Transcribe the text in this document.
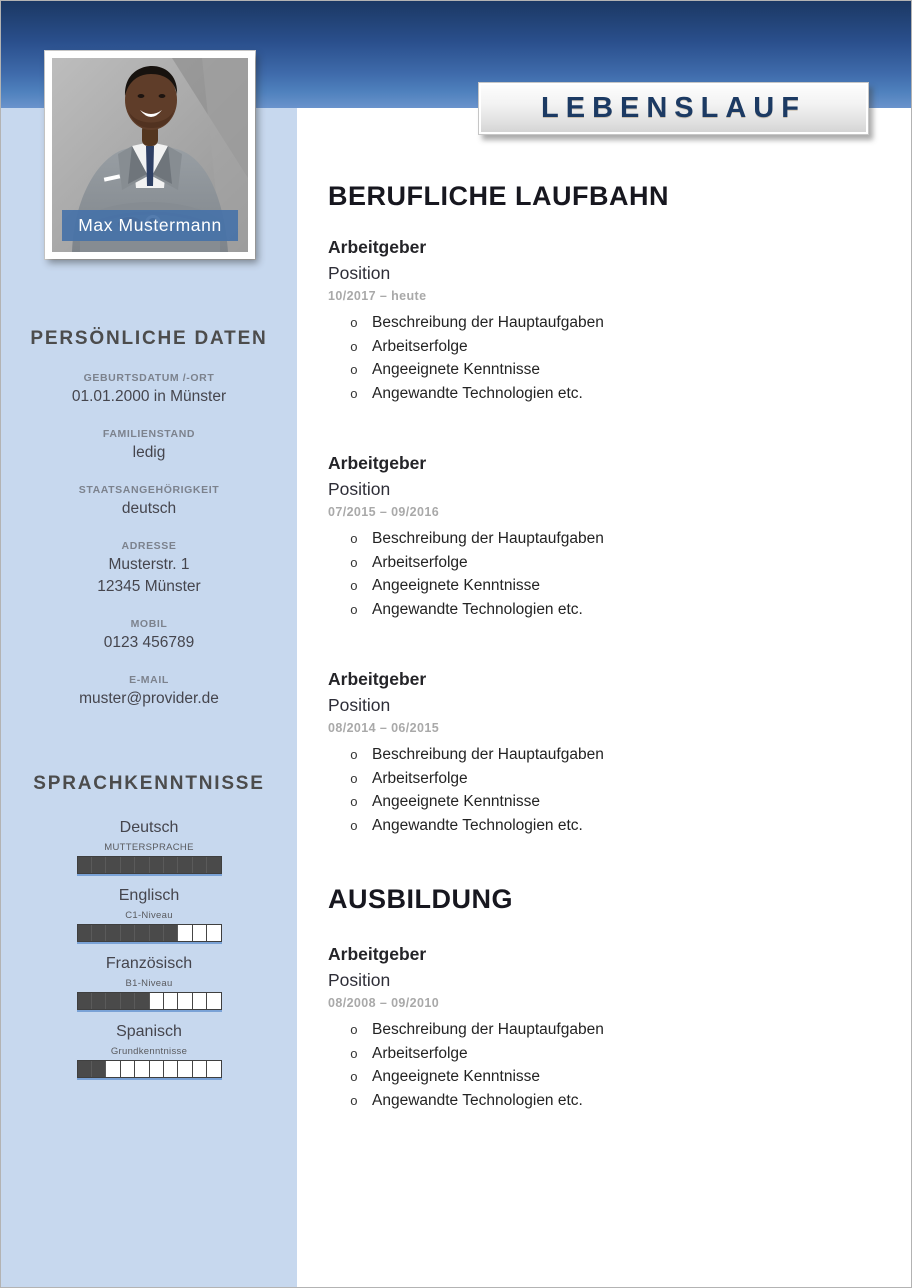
PERSÖNLICHE DATEN
GEBURTSDATUM /-ORT
01.01.2000 in Münster
FAMILIENSTAND
ledig
STAATSANGEHÖRIGKEIT
deutsch
ADRESSE
Musterstr. 1
12345 Münster
MOBIL
0123 456789
E-MAIL
muster@provider.de
SPRACHKENNTNISSE
Deutsch
MUTTERSPRACHE
Englisch
C1-Niveau
Französisch
B1-Niveau
Spanisch
Grundkenntnisse
Max Mustermann
LEBENSLAUF
BERUFLICHE LAUFBAHN
Arbeitgeber
Position
10/2017 – heute
o Beschreibung der Hauptaufgaben
o Arbeitserfolge
o Angeeignete Kenntnisse
o Angewandte Technologien etc.
Arbeitgeber
Position
07/2015 – 09/2016
o Beschreibung der Hauptaufgaben
o Arbeitserfolge
o Angeeignete Kenntnisse
o Angewandte Technologien etc.
Arbeitgeber
Position
08/2014 – 06/2015
o Beschreibung der Hauptaufgaben
o Arbeitserfolge
o Angeeignete Kenntnisse
o Angewandte Technologien etc.
AUSBILDUNG
Arbeitgeber
Position
08/2008 – 09/2010
o Beschreibung der Hauptaufgaben
o Arbeitserfolge
o Angeeignete Kenntnisse
o Angewandte Technologien etc.
